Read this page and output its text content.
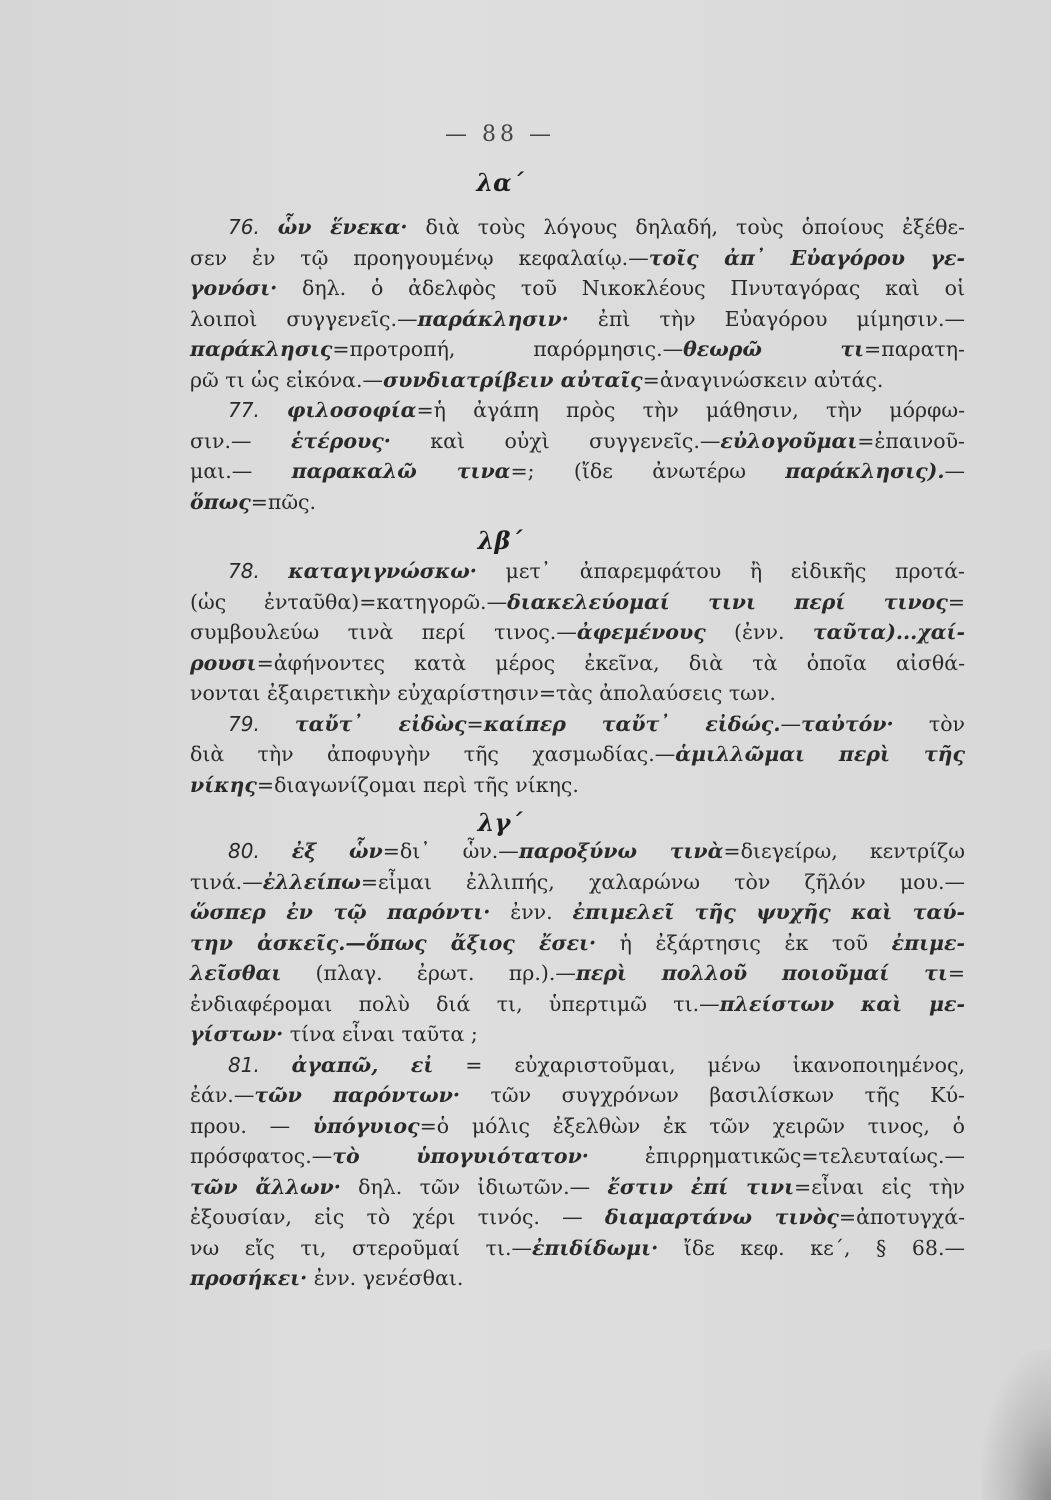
— 88 —
λα΄
76. ὧν ἕνεκα· διὰ τοὺς λόγους δηλαδή, τοὺς ὁποίους ἐξέθε-
σεν ἐν τῷ προηγουμένῳ κεφαλαίῳ.—τοῖς ἀπ᾽ Εὐαγόρου γε-
γονόσι· δηλ. ὁ ἀδελφὸς τοῦ Νικοκλέους Πνυταγόρας καὶ οἱ
λοιποὶ συγγενεῖς.—παράκλησιν· ἐπὶ τὴν Εὐαγόρου μίμησιν.—
παράκλησις=προτροπή, παρόρμησις.—θεωρῶ τι=παρατη-
ρῶ τι ὡς εἰκόνα.—συνδιατρίβειν αὐταῖς=ἀναγινώσκειν αὐτάς.
77. φιλοσοφία=ἡ ἀγάπη πρὸς τὴν μάθησιν, τὴν μόρφω-
σιν.— ἑτέρους· καὶ οὐχὶ συγγενεῖς.—εὐλογοῦμαι=ἐπαινοῦ-
μαι.— παρακαλῶ τινα=; (ἴδε ἀνωτέρω παράκλησις).—
ὅπως=πῶς.
λβ΄
78. καταγιγνώσκω· μετ᾽ ἀπαρεμφάτου ἢ εἰδικῆς προτά-
(ὡς ἐνταῦθα)=κατηγορῶ.—διακελεύομαί τινι περί τινος=
συμβουλεύω τινὰ περί τινος.—ἀφεμένους (ἐνν. ταῦτα)...χαί-
ρουσι=ἀφήνοντες κατὰ μέρος ἐκεῖνα, διὰ τὰ ὁποῖα αἰσθά-
νονται ἐξαιρετικὴν εὐχαρίστησιν=τὰς ἀπολαύσεις των.
79. ταὔτ᾽ εἰδὼς=καίπερ ταὔτ᾽ εἰδώς.—ταὐτόν· τὸν
διὰ τὴν ἀποφυγὴν τῆς χασμωδίας.—ἁμιλλῶμαι περὶ τῆς
νίκης=διαγωνίζομαι περὶ τῆς νίκης.
λγ΄
80. ἐξ ὧν=δι᾽ ὧν.—παροξύνω τινὰ=διεγείρω, κεντρίζω
τινά.—ἐλλείπω=εἶμαι ἐλλιπής, χαλαρώνω τὸν ζῆλόν μου.—
ὥσπερ ἐν τῷ παρόντι· ἐνν. ἐπιμελεῖ τῆς ψυχῆς καὶ ταύ-
την ἀσκεῖς.—ὅπως ἄξιος ἔσει· ἡ ἐξάρτησις ἐκ τοῦ ἐπιμε-
λεῖσθαι (πλαγ. ἐρωτ. πρ.).—περὶ πολλοῦ ποιοῦμαί τι=
ἐνδιαφέρομαι πολὺ διά τι, ὑπερτιμῶ τι.—πλείστων καὶ με-
γίστων· τίνα εἶναι ταῦτα ;
81. ἀγαπῶ, εἰ = εὐχαριστοῦμαι, μένω ἱκανοποιημένος,
ἐάν.—τῶν παρόντων· τῶν συγχρόνων βασιλίσκων τῆς Κύ-
πρου. — ὑπόγυιος=ὁ μόλις ἐξελθὼν ἐκ τῶν χειρῶν τινος, ὁ
πρόσφατος.—τὸ ὑπογυιότατον· ἐπιρρηματικῶς=τελευταίως.—
τῶν ἄλλων· δηλ. τῶν ἰδιωτῶν.— ἔστιν ἐπί τινι=εἶναι εἰς τὴν
ἐξουσίαν, εἰς τὸ χέρι τινός. — διαμαρτάνω τινὸς=ἀποτυγχά-
νω εἴς τι, στεροῦμαί τι.—ἐπιδίδωμι· ἴδε κεφ. κε΄, § 68.—
προσήκει· ἐνν. γενέσθαι.
